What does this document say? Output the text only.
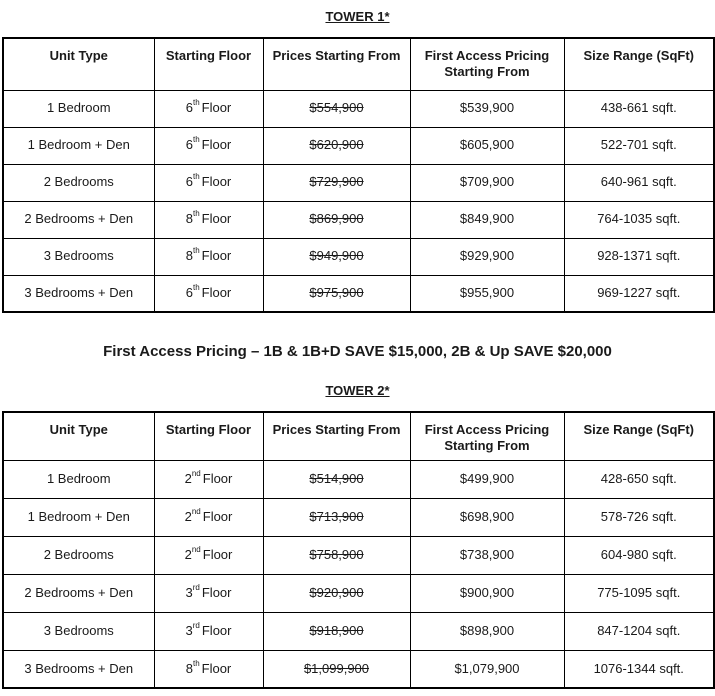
TOWER 1*
Unit Type	Starting Floor	Prices Starting From	First Access Pricing Starting From	Size Range (SqFt)
1 Bedroom	6th Floor	$554,900	$539,900	438-661 sqft.
1 Bedroom + Den	6th Floor	$620,900	$605,900	522-701 sqft.
2 Bedrooms	6th Floor	$729,900	$709,900	640-961 sqft.
2 Bedrooms + Den	8th Floor	$869,900	$849,900	764-1035 sqft.
3 Bedrooms	8th Floor	$949,900	$929,900	928-1371 sqft.
3 Bedrooms + Den	6th Floor	$975,900	$955,900	969-1227 sqft.
First Access Pricing – 1B & 1B+D SAVE $15,000, 2B & Up SAVE $20,000
TOWER 2*
Unit Type	Starting Floor	Prices Starting From	First Access Pricing Starting From	Size Range (SqFt)
1 Bedroom	2nd Floor	$514,900	$499,900	428-650 sqft.
1 Bedroom + Den	2nd Floor	$713,900	$698,900	578-726 sqft.
2 Bedrooms	2nd Floor	$758,900	$738,900	604-980 sqft.
2 Bedrooms + Den	3rd Floor	$920,900	$900,900	775-1095 sqft.
3 Bedrooms	3rd Floor	$918,900	$898,900	847-1204 sqft.
3 Bedrooms + Den	8th Floor	$1,099,900	$1,079,900	1076-1344 sqft.
